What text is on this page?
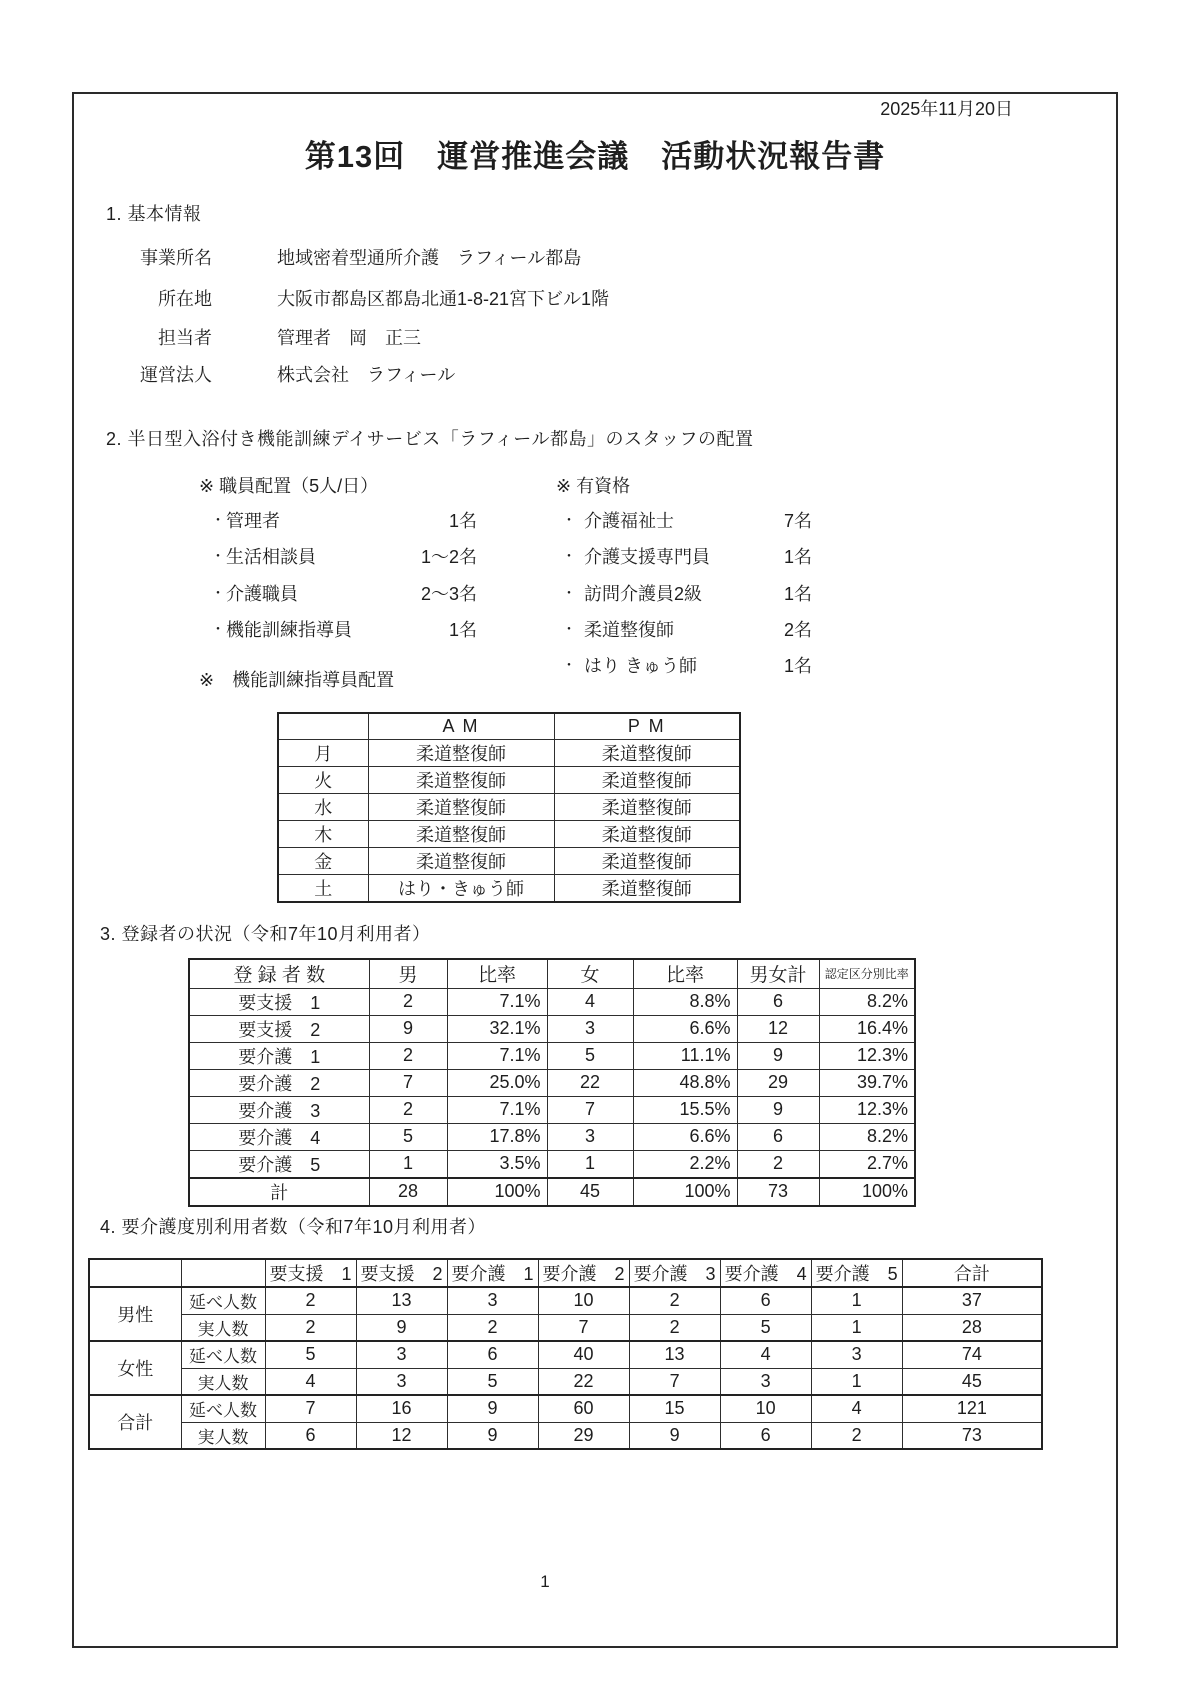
2025年11月20日
第13回　運営推進会議　活動状況報告書
1. 基本情報
事業所名	地域密着型通所介護　ラフィール都島
所在地	大阪市都島区都島北通1-8-21宮下ビル1階
担当者	管理者　岡　正三
運営法人	株式会社　ラフィール
2. 半日型入浴付き機能訓練デイサービス「ラフィール都島」のスタッフの配置
※ 職員配置（5人/日）	※ 有資格
・ 管理者	1名
・ 生活相談員	1〜2名
・ 介護職員	2〜3名
・ 機能訓練指導員	1名
・ 介護福祉士	7名
・ 介護支援専門員	1名
・ 訪問介護員2級	1名
・ 柔道整復師	2名
・ はり きゅう師	1名
※　機能訓練指導員配置
	A M	P M
月	柔道整復師	柔道整復師
火	柔道整復師	柔道整復師
水	柔道整復師	柔道整復師
木	柔道整復師	柔道整復師
金	柔道整復師	柔道整復師
土	はり・きゅう師	柔道整復師
3. 登録者の状況（令和7年10月利用者）
登 録 者 数	男	比率	女	比率	男女計	認定区分別比率
要支援　1	2	7.1%	4	8.8%	6	8.2%
要支援　2	9	32.1%	3	6.6%	12	16.4%
要介護　1	2	7.1%	5	11.1%	9	12.3%
要介護　2	7	25.0%	22	48.8%	29	39.7%
要介護　3	2	7.1%	7	15.5%	9	12.3%
要介護　4	5	17.8%	3	6.6%	6	8.2%
要介護　5	1	3.5%	1	2.2%	2	2.7%
計	28	100%	45	100%	73	100%
4. 要介護度別利用者数（令和7年10月利用者）
		要支援　1	要支援　2	要介護　1	要介護　2	要介護　3	要介護　4	要介護　5	合計
男性	延べ人数	2	13	3	10	2	6	1	37
	実人数	2	9	2	7	2	5	1	28
女性	延べ人数	5	3	6	40	13	4	3	74
	実人数	4	3	5	22	7	3	1	45
合計	延べ人数	7	16	9	60	15	10	4	121
	実人数	6	12	9	29	9	6	2	73
1
